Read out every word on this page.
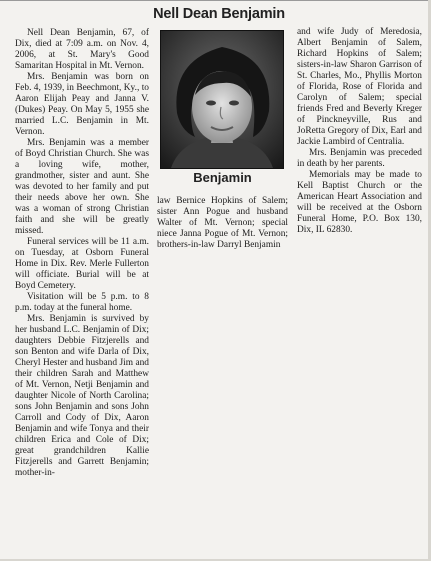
Nell Dean Benjamin

Nell Dean Benjamin, 67, of Dix, died at 7:09 a.m. on Nov. 4, 2006, at St. Mary's Good Samaritan Hospital in Mt. Vernon.

Mrs. Benjamin was born on Feb. 4, 1939, in Beechmont, Ky., to Aaron Elijah Peay and Janna V. (Dukes) Peay. On May 5, 1955 she married L.C. Benjamin in Mt. Vernon.

Mrs. Benjamin was a member of Boyd Christian Church. She was a loving wife, mother, grandmother, sister and aunt. She was devoted to her family and put their needs above her own. She was a woman of strong Christian faith and she will be greatly missed.

Funeral services will be 11 a.m. on Tuesday, at Osborn Funeral Home in Dix. Rev. Merle Fullerton will officiate. Burial will be at Boyd Cemetery.

Visitation will be 5 p.m. to 8 p.m. today at the funeral home.

Mrs. Benjamin is survived by her husband L.C. Benjamin of Dix; daughters Debbie Fitzjerells and son Benton and wife Darla of Dix, Cheryl Hester and husband Jim and their children Sarah and Matthew of Mt. Vernon, Netji Benjamin and daughter Nicole of North Carolina; sons John Benjamin and sons John Carroll and Cody of Dix, Aaron Benjamin and wife Tonya and their children Erica and Cole of Dix; great grandchildren Kallie Fitzjerells and Garrett Benjamin; mother-in-

Benjamin

law Bernice Hopkins of Salem; sister Ann Pogue and husband Walter of Mt. Vernon; special niece Janna Pogue of Mt. Vernon; brothers-in-law Darryl Benjamin

and wife Judy of Meredosia, Albert Benjamin of Salem, Richard Hopkins of Salem; sisters-in-law Sharon Garrison of St. Charles, Mo., Phyllis Morton of Florida, Rose of Florida and Carolyn of Salem; special friends Fred and Beverly Kreger of Pinckneyville, Rus and JoRetta Gregory of Dix, Earl and Jackie Lambird of Centralia.

Mrs. Benjamin was preceded in death by her parents.

Memorials may be made to Kell Baptist Church or the American Heart Association and will be received at the Osborn Funeral Home, P.O. Box 130, Dix, IL 62830.
